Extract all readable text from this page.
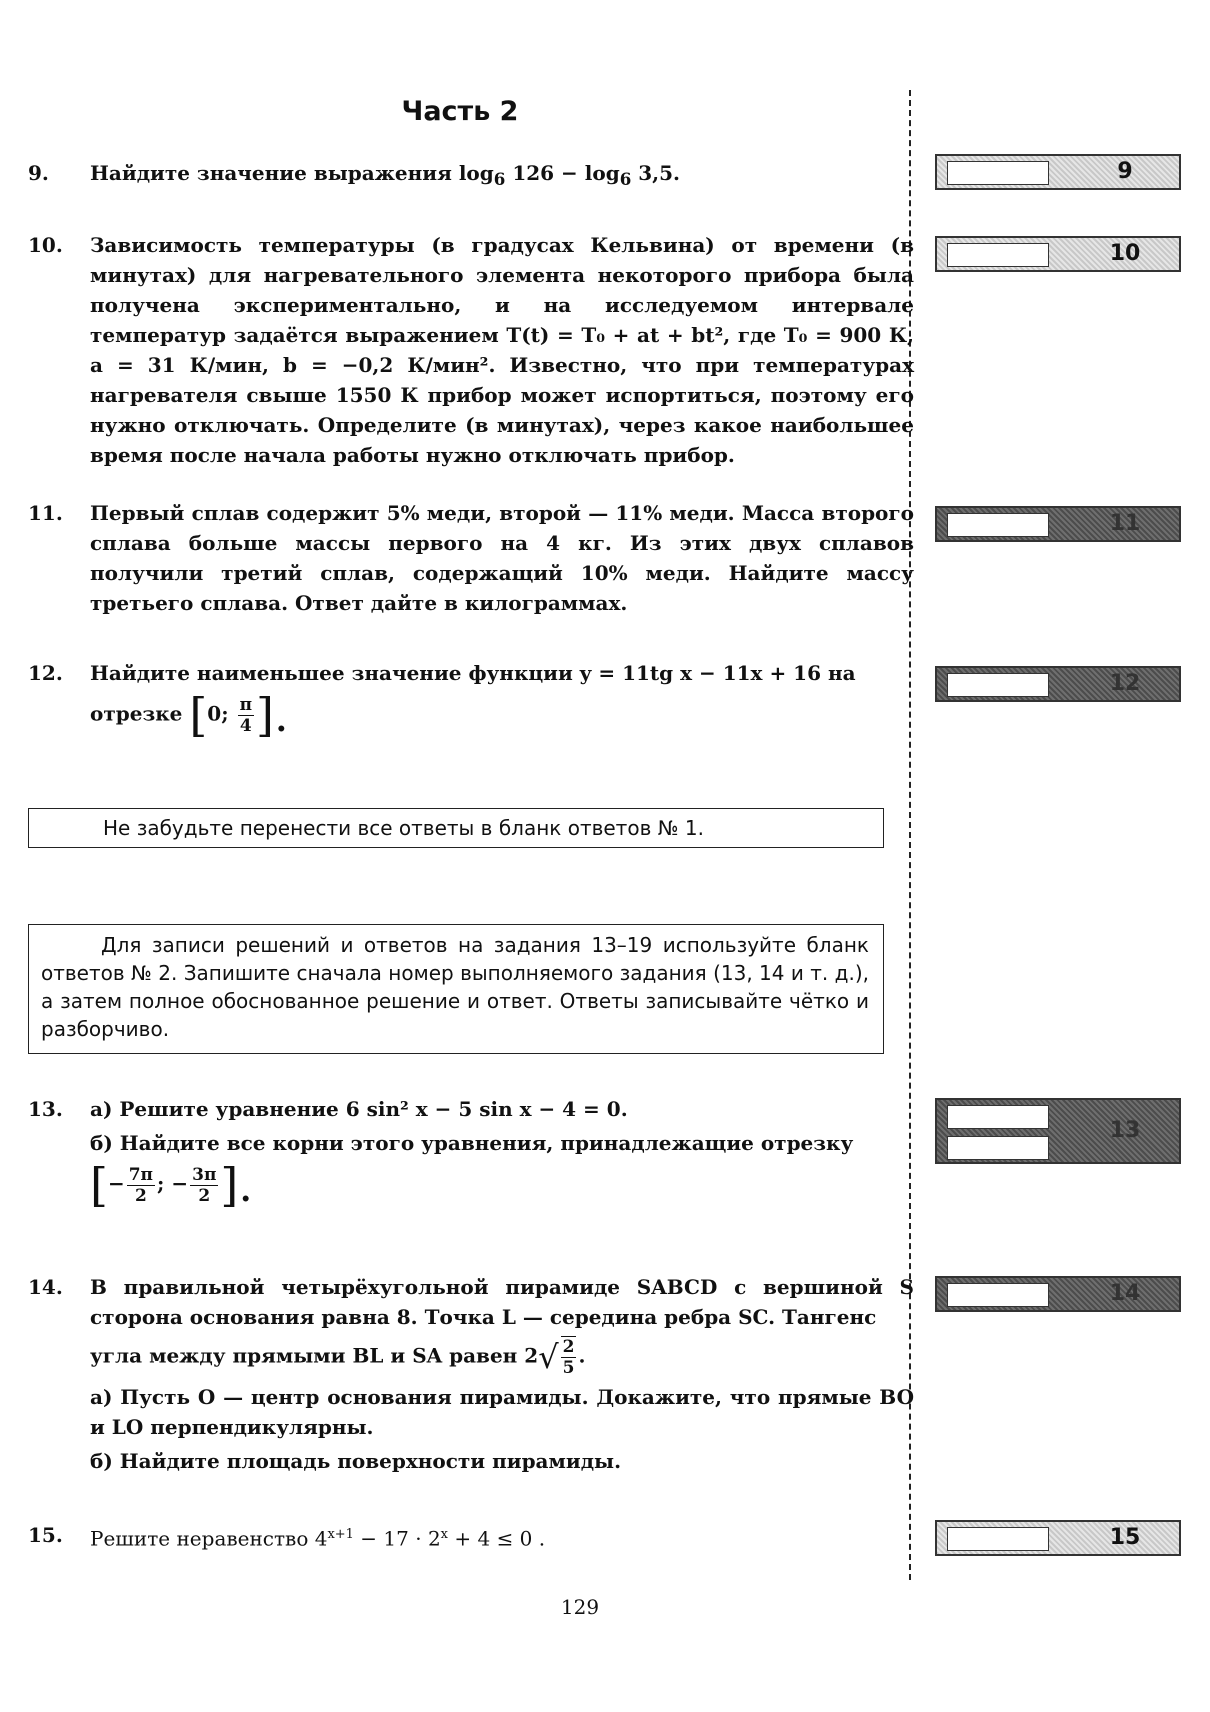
Часть 2
9. Найдите значение выражения $\log_6 126 - \log_6 3,5$.
10. Зависимость температуры (в градусах Кельвина) от времени (в минутах) для нагревательного элемента некоторого прибора была получена экспериментально, и на исследуемом интервале температур задаётся выражением T(t) = T₀ + at + bt², где T₀ = 900 К, a = 31 К/мин, b = −0,2 К/мин². Известно, что при температурах нагревателя свыше 1550 К прибор может испортиться, поэтому его нужно отключать. Определите (в минутах), через какое наибольшее время после начала работы нужно отключать прибор.
11. Первый сплав содержит 5% меди, второй — 11% меди. Масса второго сплава больше массы первого на 4 кг. Из этих двух сплавов получили третий сплав, содержащий 10% меди. Найдите массу третьего сплава. Ответ дайте в килограммах.
12. Найдите наименьшее значение функции y = 11tg x − 11x + 16 на

отрезке [0; $\frac{\pi}{4}$ ].

Не забудьте перенести все ответы в бланк ответов № 1.
Для записи решений и ответов на задания 13–19 используйте бланк ответов № 2. Запишите сначала номер выполняемого задания (13, 14 и т. д.), а затем полное обоснованное решение и ответ. Ответы записывайте чётко и разборчиво.
13. а) Решите уравнение 6 sin² x − 5 sin x − 4 = 0.

б) Найдите все корни этого уравнения, принадлежащие отрезку

[− $\frac{7\pi}{2}$ ; − $\frac{3\pi}{2}$ ].

14. В правильной четырёхугольной пирамиде SABCD с вершиной S сторона основания равна 8. Точка L — середина ребра SC. Тангенс

угла между прямыми BL и SA равен $2√ \frac{2}{5}$ .

а) Пусть O — центр основания пирамиды. Докажите, что прямые BO и LO перпендикулярны.

б) Найдите площадь поверхности пирамиды.

15. Решите неравенство $4^{x+1} - 17 \cdot 2^x + 4 \le 0$ .
9
10
11
12
13
14
15
129
